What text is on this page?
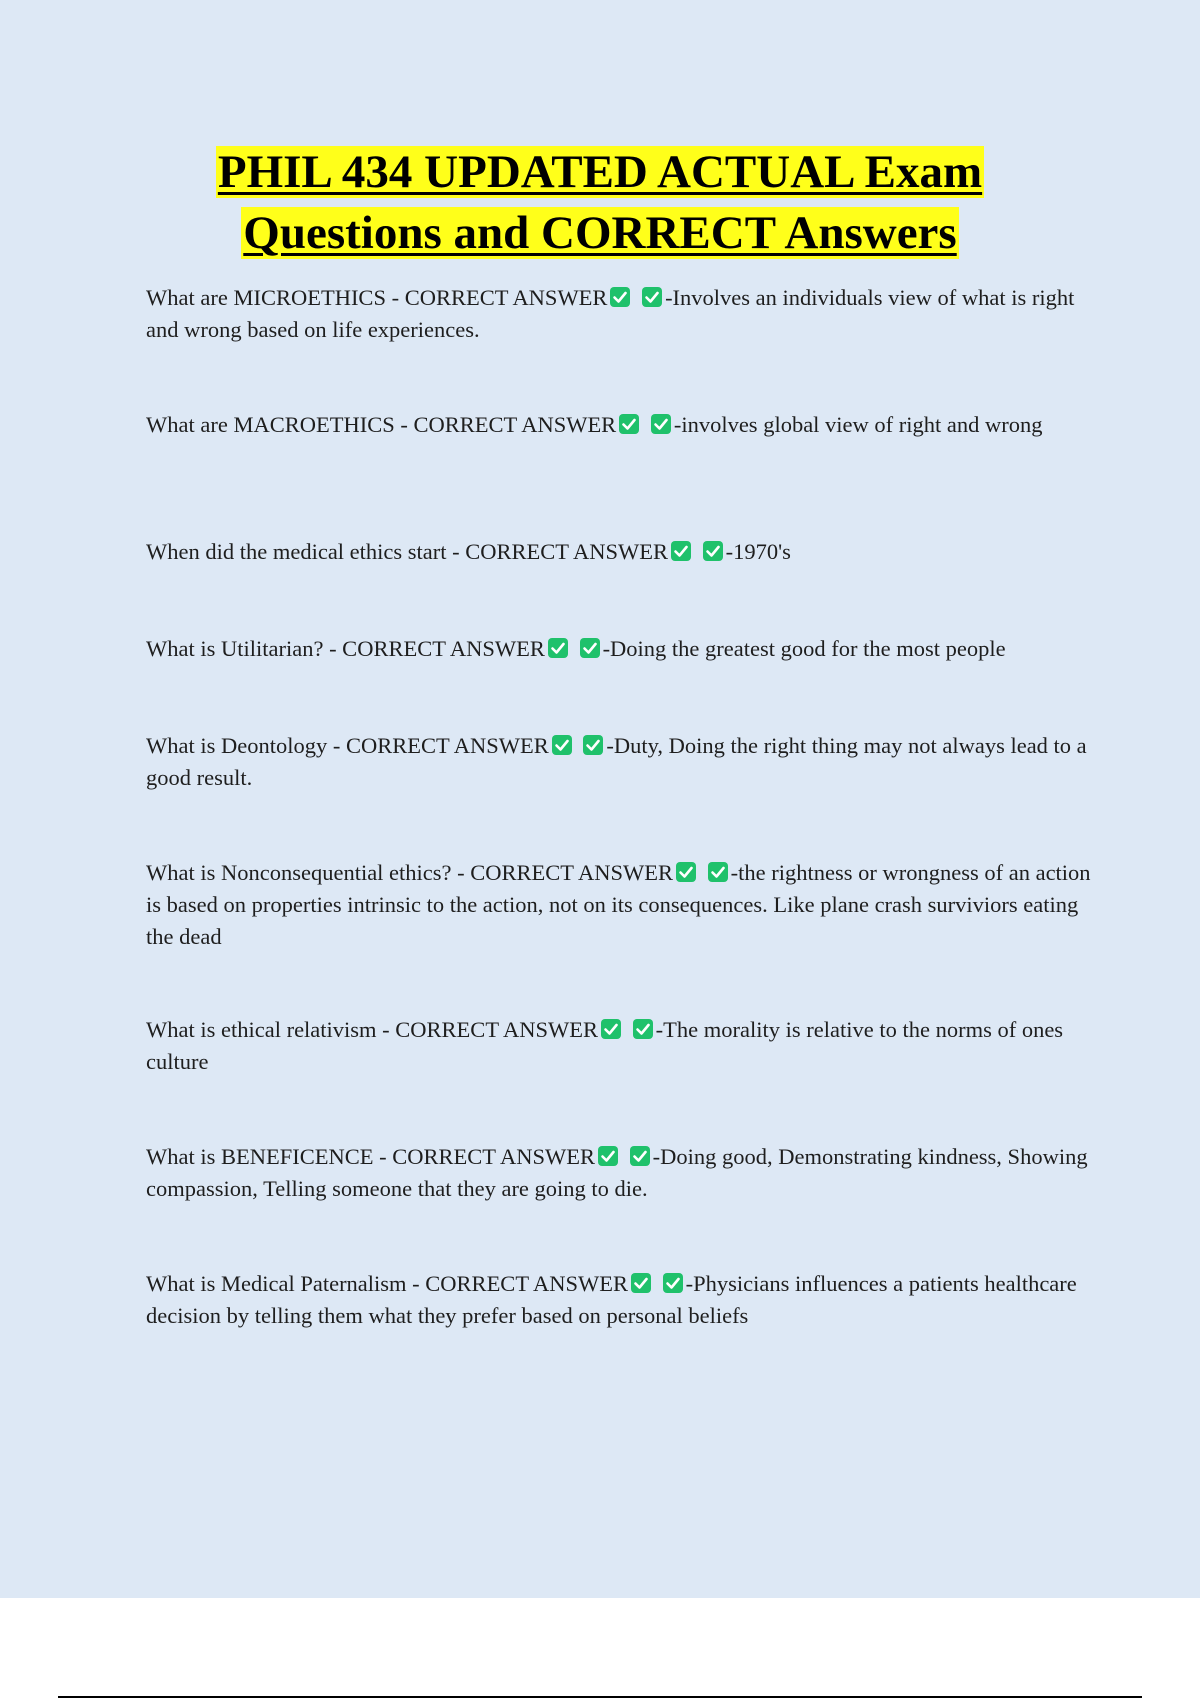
PHIL 434 UPDATED ACTUAL Exam
Questions and CORRECT Answers
What are MICROETHICS - CORRECT ANSWER
	-Involves an individuals view of what is right and wrong based on life experiences.
What are MACROETHICS - CORRECT ANSWER
	-involves global view of right and wrong
When did the medical ethics start - CORRECT ANSWER
	-1970's
What is Utilitarian? - CORRECT ANSWER
	-Doing the greatest good for the most people
What is Deontology - CORRECT ANSWER
	-Duty, Doing the right thing may not always lead to a good result.
What is Nonconsequential ethics? - CORRECT ANSWER
	-the rightness or wrongness of an action is based on properties intrinsic to the action, not on its consequences. Like plane crash surviviors eating the dead
What is ethical relativism - CORRECT ANSWER
	-The morality is relative to the norms of ones culture
What is BENEFICENCE - CORRECT ANSWER
	-Doing good, Demonstrating kindness, Showing compassion, Telling someone that they are going to die.
What is Medical Paternalism - CORRECT ANSWER
	-Physicians influences a patients healthcare decision by telling them what they prefer based on personal beliefs
